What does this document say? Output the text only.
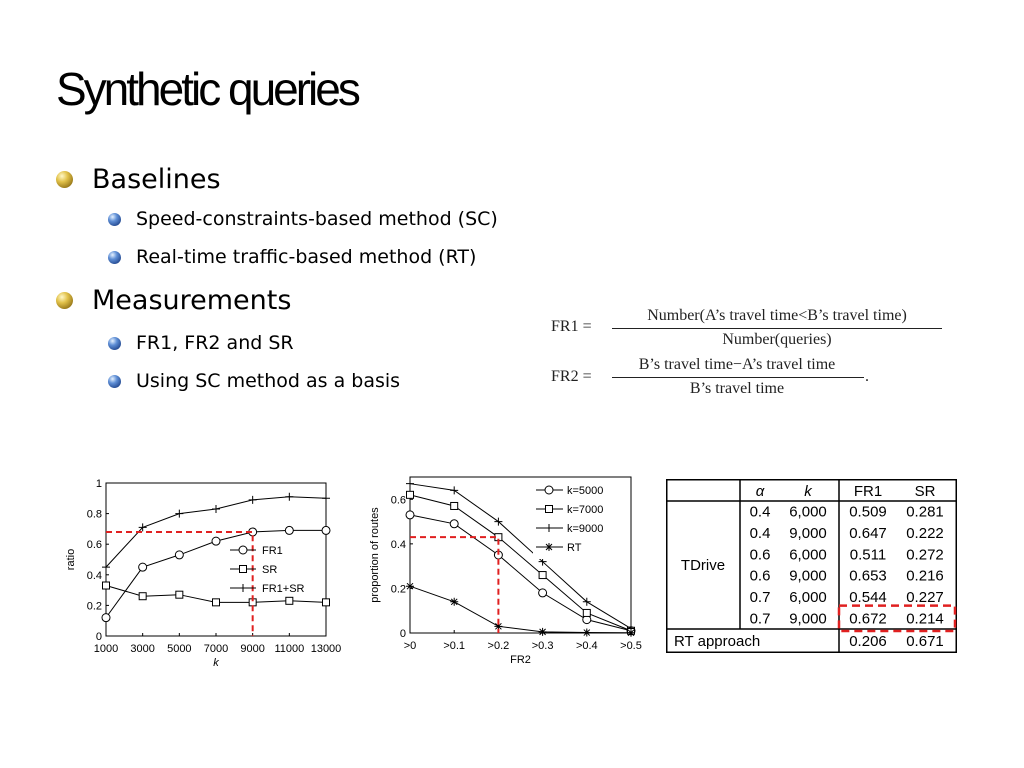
Synthetic queries
Baselines
Speed-constraints-based method (SC)
Real-time traffic-based method (RT)
Measurements
FR1, FR2 and SR
Using SC method as a basis
FR1 =
Number(A’s travel time<B’s travel time)
Number(queries)
FR2 =
B’s travel time−A’s travel time
B’s travel time
.
0
0.2
0.4
0.6
0.8
1
1000 3000 5000 7000 9000 11000 13000
k
ratio	FR1
SR
FR1+SR
0
0.2
0.4
0.6
>0 >0.1 >0.2 >0.3 >0.4 >0.5
FR2
proportion of routes
k=5000
k=7000
k=9000
RT
α	k	FR1 SR
TDrive
0.4 6,000 0.509 0.281
0.4 9,000 0.647 0.222
0.6 6,000 0.511 0.272
0.6 9,000 0.653 0.216
0.7 6,000 0.544 0.227
0.7 9,000 0.672 0.214
RT approach	0.206 0.671
